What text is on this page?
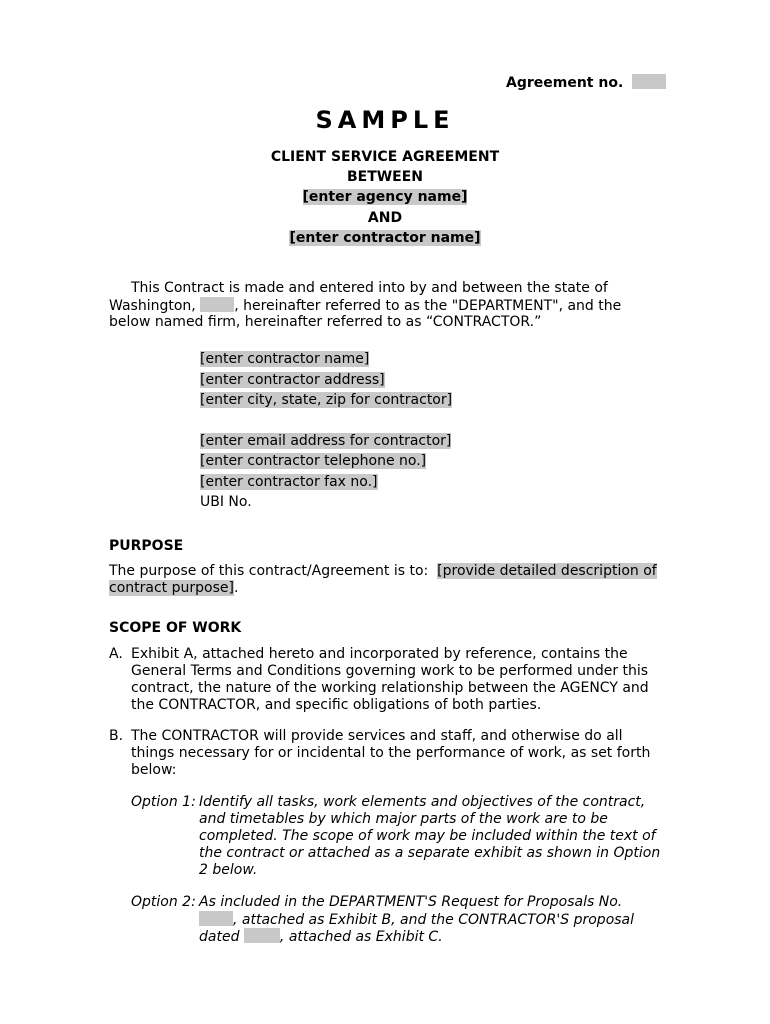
Agreement no.
SAMPLE
CLIENT SERVICE AGREEMENT
BETWEEN
[enter agency name]
AND
[enter contractor name]
This Contract is made and entered into by and between the state of
Washington,	, hereinafter referred to as the "DEPARTMENT", and the
below named firm, hereinafter referred to as “CONTRACTOR.”
[enter contractor name]
[enter contractor address]
[enter city, state, zip for contractor]
[enter email address for contractor]
[enter contractor telephone no.]
[enter contractor fax no.]
UBI No.
PURPOSE
The purpose of this contract/Agreement is to: [provide detailed description of
contract purpose].
SCOPE OF WORK
A. Exhibit A, attached hereto and incorporated by reference, contains the
General Terms and Conditions governing work to be performed under this
contract, the nature of the working relationship between the AGENCY and
the CONTRACTOR, and specific obligations of both parties.
B. The CONTRACTOR will provide services and staff, and otherwise do all
things necessary for or incidental to the performance of work, as set forth
below:
Option 1: Identify all tasks, work elements and objectives of the contract,
and timetables by which major parts of the work are to be
completed. The scope of work may be included within the text of
the contract or attached as a separate exhibit as shown in Option
2 below.
Option 2: As included in the DEPARTMENT'S Request for Proposals No.
, attached as Exhibit B, and the CONTRACTOR'S proposal
dated	, attached as Exhibit C.
